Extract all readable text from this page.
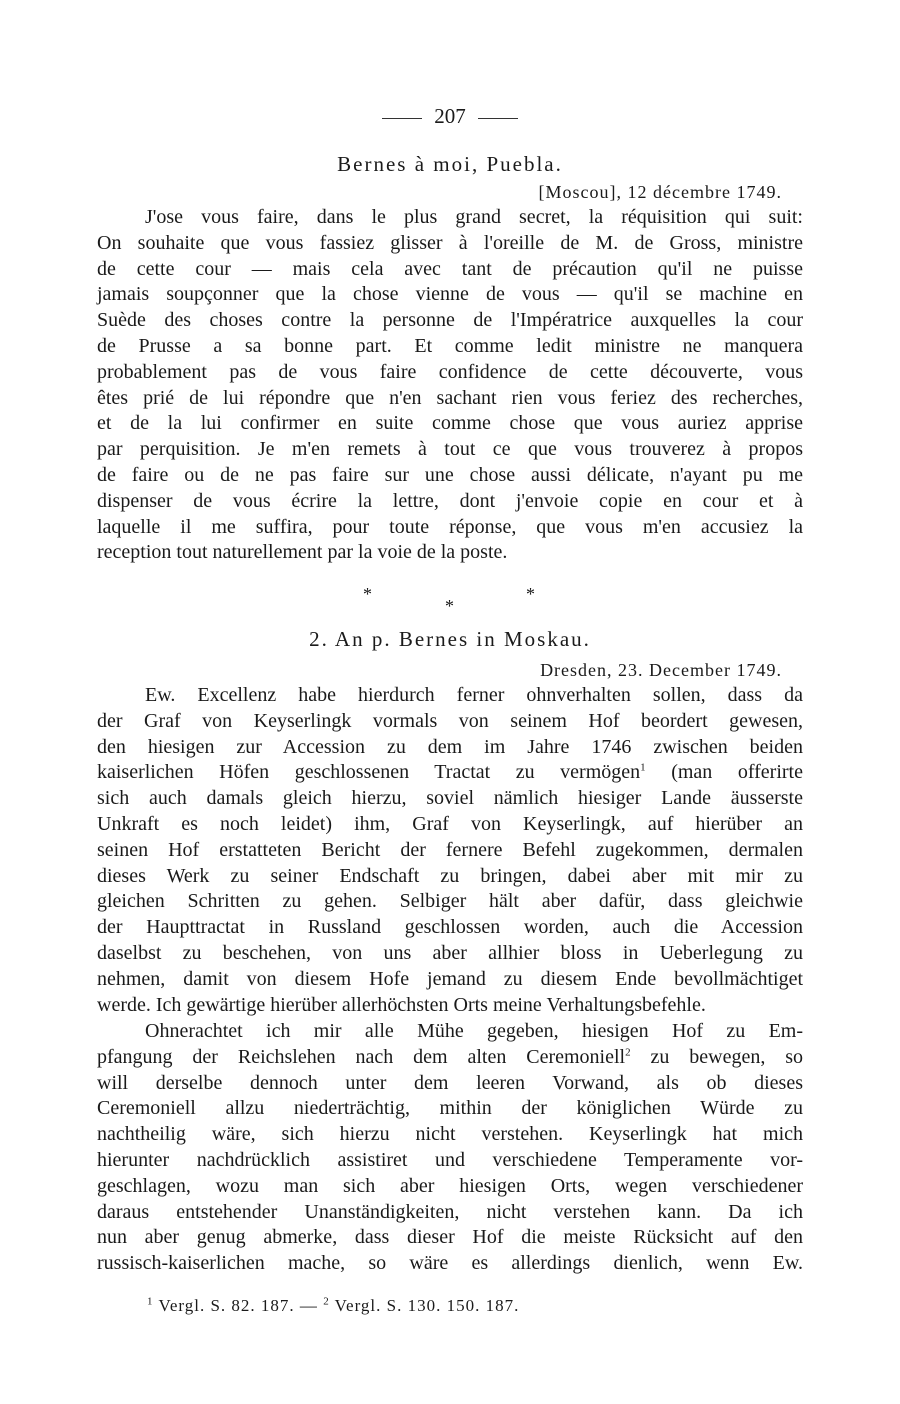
207
Bernes à moi, Puebla.
[Moscou], 12 décembre 1749.
J'ose vous faire, dans le plus grand secret, la réquisition qui suit:
On souhaite que vous fassiez glisser à l'oreille de M. de Gross, ministre
de cette cour — mais cela avec tant de précaution qu'il ne puisse
jamais soupçonner que la chose vienne de vous — qu'il se machine en
Suède des choses contre la personne de l'Impératrice auxquelles la cour
de Prusse a sa bonne part. Et comme ledit ministre ne manquera
probablement pas de vous faire confidence de cette découverte, vous
êtes prié de lui répondre que n'en sachant rien vous feriez des recherches,
et de la lui confirmer en suite comme chose que vous auriez apprise
par perquisition. Je m'en remets à tout ce que vous trouverez à propos
de faire ou de ne pas faire sur une chose aussi délicate, n'ayant pu me
dispenser de vous écrire la lettre, dont j'envoie copie en cour et à
laquelle il me suffira, pour toute réponse, que vous m'en accusiez la
reception tout naturellement par la voie de la poste.
*	*
*
2. An p. Bernes in Moskau.
Dresden, 23. December 1749.
Ew. Excellenz habe hierdurch ferner ohnverhalten sollen, dass da
der Graf von Keyserlingk vormals von seinem Hof beordert gewesen,
den hiesigen zur Accession zu dem im Jahre 1746 zwischen beiden
kaiserlichen Höfen geschlossenen Tractat zu vermögen$^1$ (man offerirte
sich auch damals gleich hierzu, soviel nämlich hiesiger Lande äusserste
Unkraft es noch leidet) ihm, Graf von Keyserlingk, auf hierüber an
seinen Hof erstatteten Bericht der fernere Befehl zugekommen, dermalen
dieses Werk zu seiner Endschaft zu bringen, dabei aber mit mir zu
gleichen Schritten zu gehen. Selbiger hält aber dafür, dass gleichwie
der Haupttractat in Russland geschlossen worden, auch die Accession
daselbst zu beschehen, von uns aber allhier bloss in Ueberlegung zu
nehmen, damit von diesem Hofe jemand zu diesem Ende bevollmächtiget
werde. Ich gewärtige hierüber allerhöchsten Orts meine Verhaltungsbefehle.
Ohnerachtet ich mir alle Mühe gegeben, hiesigen Hof zu Em-
pfangung der Reichslehen nach dem alten Ceremoniell$^2$ zu bewegen, so
will derselbe dennoch unter dem leeren Vorwand, als ob dieses
Ceremoniell allzu niederträchtig, mithin der königlichen Würde zu
nachtheilig wäre, sich hierzu nicht verstehen. Keyserlingk hat mich
hierunter nachdrücklich assistiret und verschiedene Temperamente vor-
geschlagen, wozu man sich aber hiesigen Orts, wegen verschiedener
daraus entstehender Unanständigkeiten, nicht verstehen kann. Da ich
nun aber genug abmerke, dass dieser Hof die meiste Rücksicht auf den
russisch-kaiserlichen mache, so wäre es allerdings dienlich, wenn Ew.
$^1$ Vergl. S. 82. 187. — $^2$ Vergl. S. 130. 150. 187.
